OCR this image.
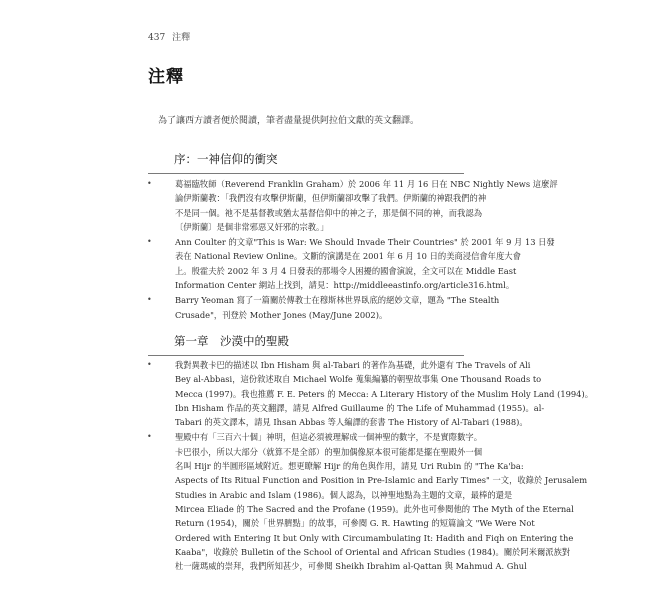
437 注釋
注釋
為了讓西方讀者便於閱讀，筆者盡量提供阿拉伯文獻的英文翻譯。
序：一神信仰的衝突
•	葛福臨牧師（Reverend Franklin Graham）於 2006 年 11 月 16 日在 NBC Nightly News 這麼評
論伊斯蘭教：「我們沒有攻擊伊斯蘭，但伊斯蘭卻攻擊了我們。伊斯蘭的神跟我們的神
不是同一個。祂不是基督教或猶太基督信仰中的神之子，那是個不同的神，而我認為
〔伊斯蘭〕是個非常邪惡又奸邪的宗教。」
•	Ann Coulter 的文章"This is War: We Should Invade Their Countries" 於 2001 年 9 月 13 日發
表在 National Review Online。文斷的演講是在 2001 年 6 月 10 日的美商浸信會年度大會
上。殷霍夫於 2002 年 3 月 4 日發表的那場令人困擾的國會演說，全文可以在 Middle East
Information Center 網站上找到，請見：http://middleeastinfo.org/article316.html。
•	Barry Yeoman 寫了一篇關於傳教士在穆斯林世界臥底的絕妙文章，題為 "The Stealth
Crusade"，刊登於 Mother Jones (May/June 2002)。
第一章　沙漠中的聖殿
•	我對異教卡巴的描述以 Ibn Hisham 與 al-Tabari 的著作為基礎，此外還有 The Travels of Ali
Bey al-Abbasi，這份敘述取自 Michael Wolfe 蒐集編纂的朝聖故事集 One Thousand Roads to
Mecca (1997)。我也推薦 F. E. Peters 的 Mecca: A Literary History of the Muslim Holy Land (1994)。
Ibn Hisham 作品的英文翻譯，請見 Alfred Guillaume 的 The Life of Muhammad (1955)。al-
Tabari 的英文譯本，請見 Ihsan Abbas 等人編譯的套書 The History of Al-Tabari (1988)。
•	聖殿中有「三百六十個」神明，但這必須被理解成一個神聖的數字，不是實際數字。
卡巴很小，所以大部分（就算不是全部）的聖加偶像原本很可能都是擺在聖殿外一個
名叫 Hijr 的半圓形區域附近。想更瞭解 Hijr 的角色與作用，請見 Uri Rubin 的 "The Ka'ba:
Aspects of Its Ritual Function and Position in Pre-Islamic and Early Times" 一文，收錄於 Jerusalem
Studies in Arabic and Islam (1986)。個人認為，以神聖地點為主題的文章，最棒的還是
Mircea Eliade 的 The Sacred and the Profane (1959)。此外也可參閱他的 The Myth of the Eternal
Return (1954)，關於「世界臍點」的故事，可參閱 G. R. Hawting 的短篇論文 "We Were Not
Ordered with Entering It but Only with Circumambulating It: Hadith and Fiqh on Entering the
Kaaba"，收錄於 Bulletin of the School of Oriental and African Studies (1984)。關於阿米爾派族對
杜一薩瑪威的崇拜，我們所知甚少，可參閱 Sheikh Ibrahim al-Qattan 與 Mahmud A. Ghul
